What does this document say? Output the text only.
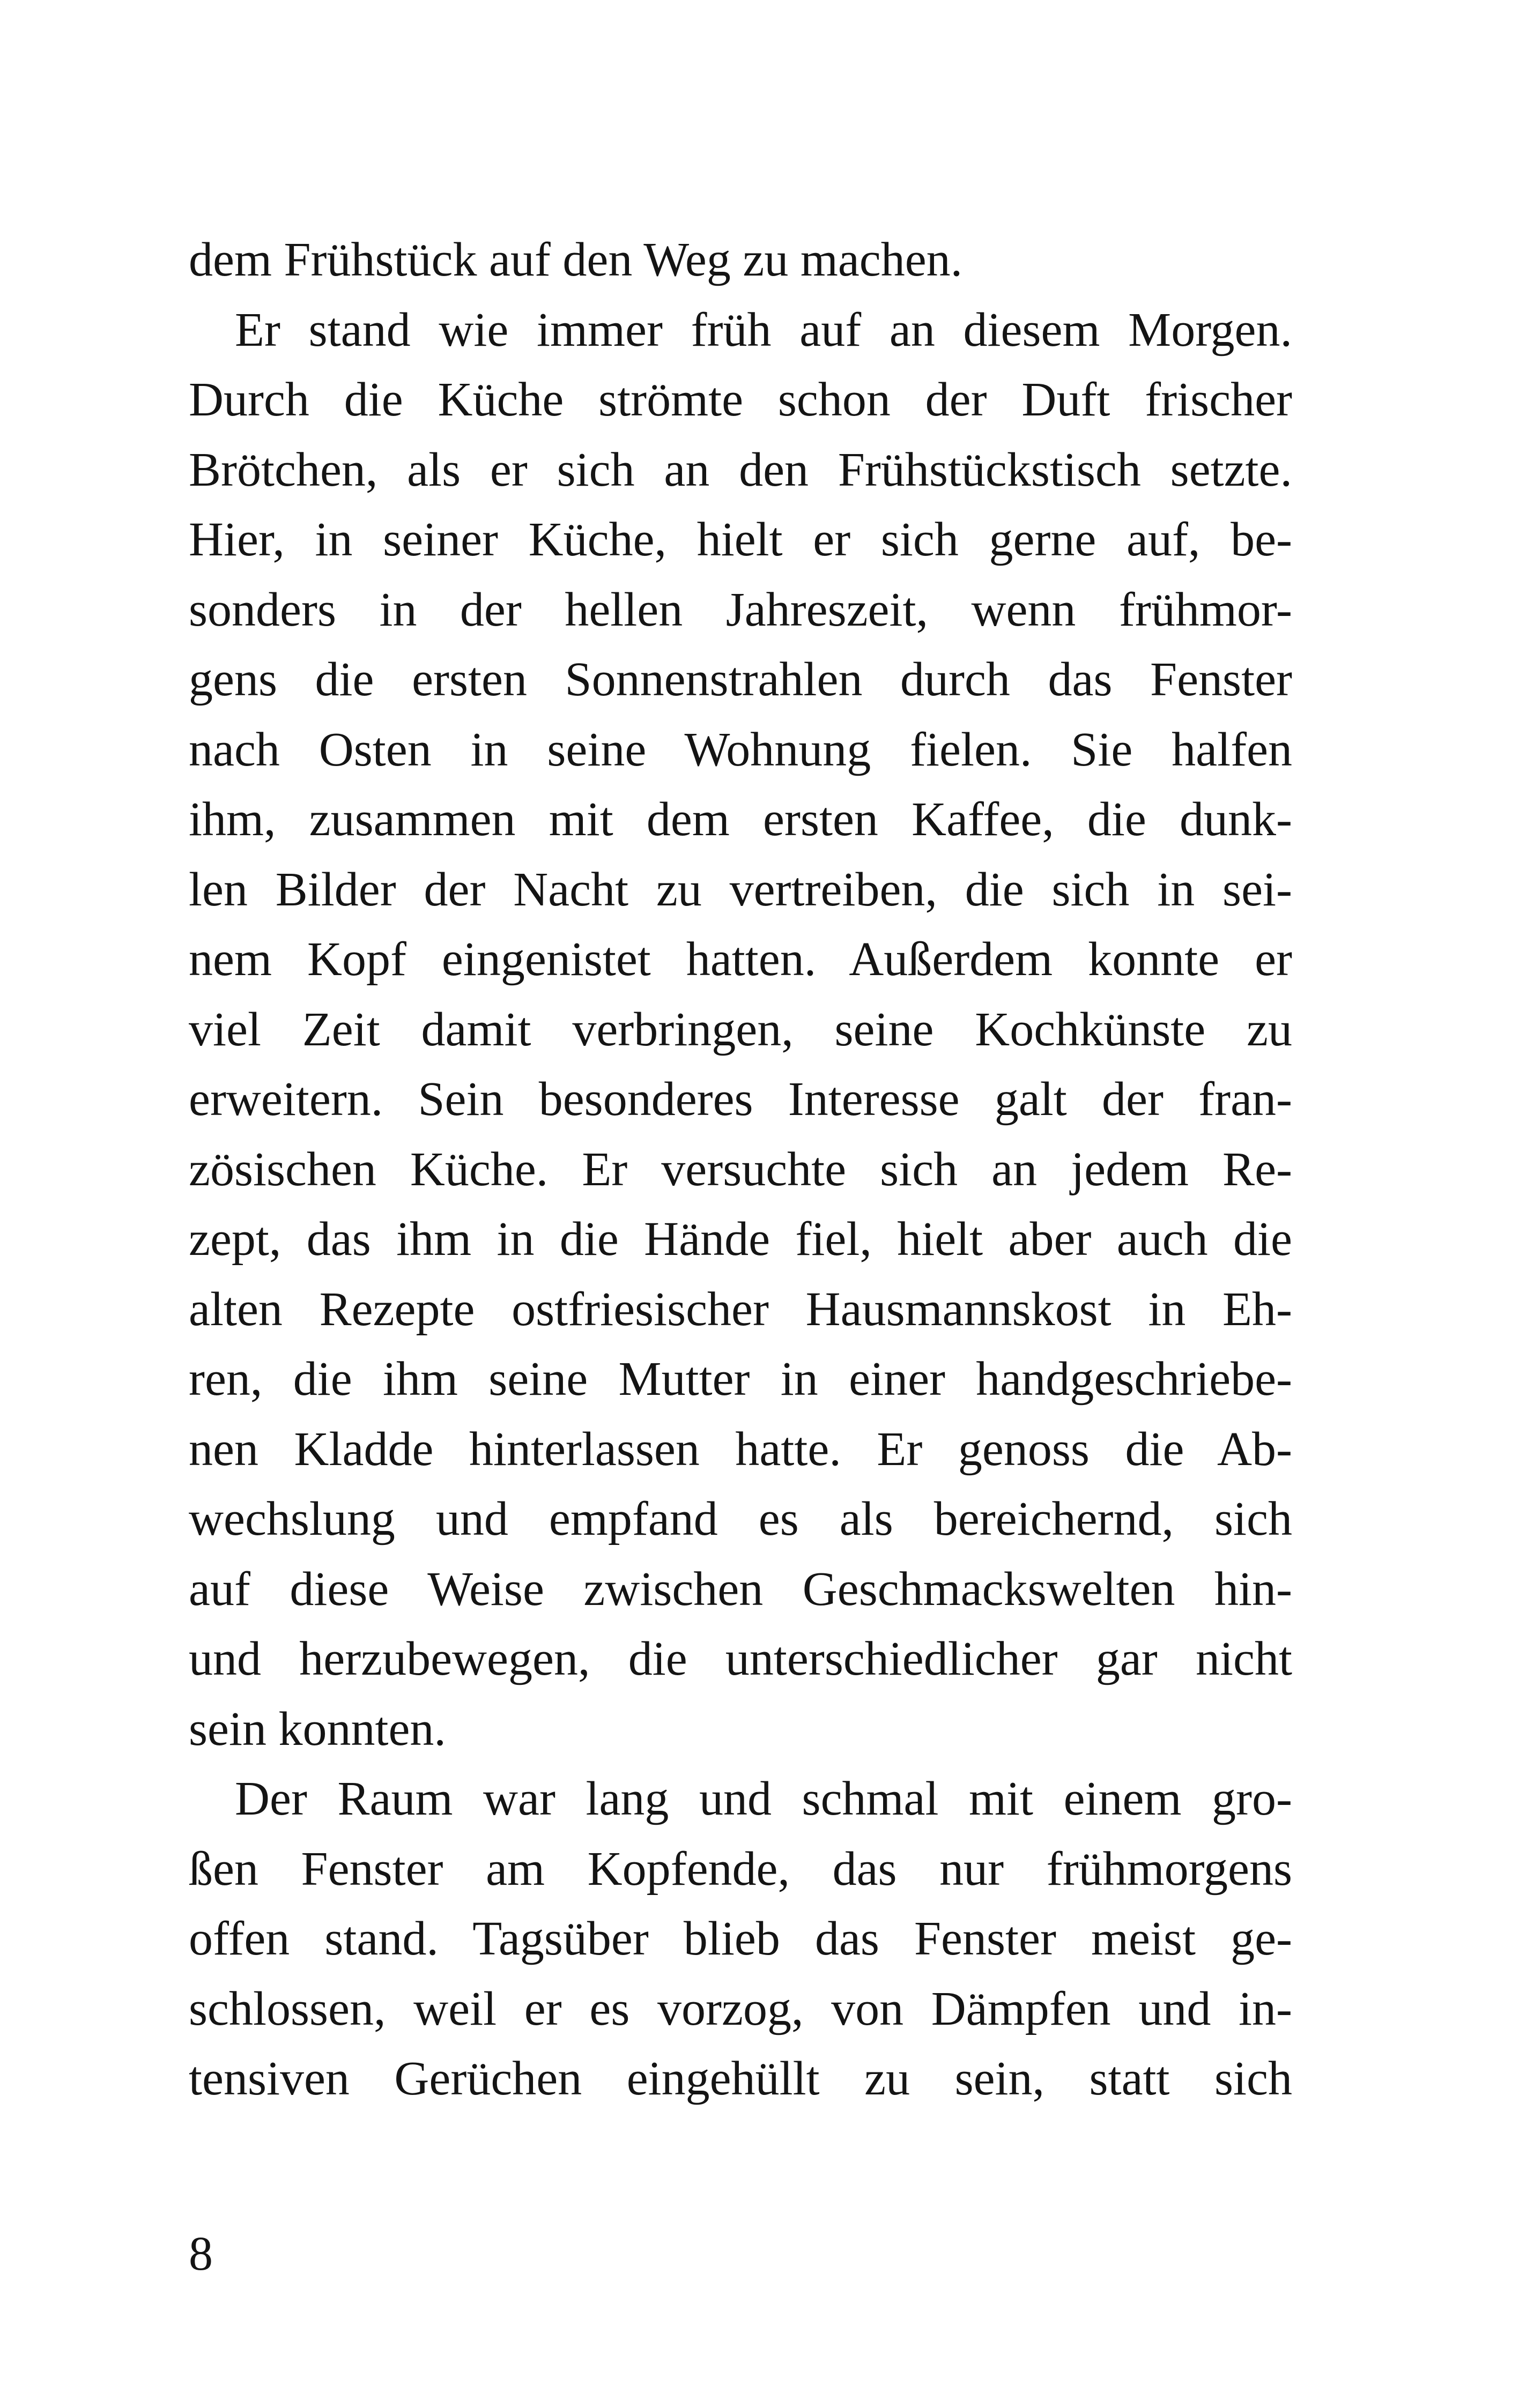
dem Frühstück auf den Weg zu machen.
Er stand wie immer früh auf an diesem Morgen.
Durch die Küche strömte schon der Duft frischer
Brötchen, als er sich an den Frühstückstisch setzte.
Hier, in seiner Küche, hielt er sich gerne auf, be-
sonders in der hellen Jahreszeit, wenn frühmor-
gens die ersten Sonnenstrahlen durch das Fenster
nach Osten in seine Wohnung fielen. Sie halfen
ihm, zusammen mit dem ersten Kaffee, die dunk-
len Bilder der Nacht zu vertreiben, die sich in sei-
nem Kopf eingenistet hatten. Außerdem konnte er
viel Zeit damit verbringen, seine Kochkünste zu
erweitern. Sein besonderes Interesse galt der fran-
zösischen Küche. Er versuchte sich an jedem Re-
zept, das ihm in die Hände fiel, hielt aber auch die
alten Rezepte ostfriesischer Hausmannskost in Eh-
ren, die ihm seine Mutter in einer handgeschriebe-
nen Kladde hinterlassen hatte. Er genoss die Ab-
wechslung und empfand es als bereichernd, sich
auf diese Weise zwischen Geschmackswelten hin-
und herzubewegen, die unterschiedlicher gar nicht
sein konnten.
Der Raum war lang und schmal mit einem gro-
ßen Fenster am Kopfende, das nur frühmorgens
offen stand. Tagsüber blieb das Fenster meist ge-
schlossen, weil er es vorzog, von Dämpfen und in-
tensiven Gerüchen eingehüllt zu sein, statt sich
8
